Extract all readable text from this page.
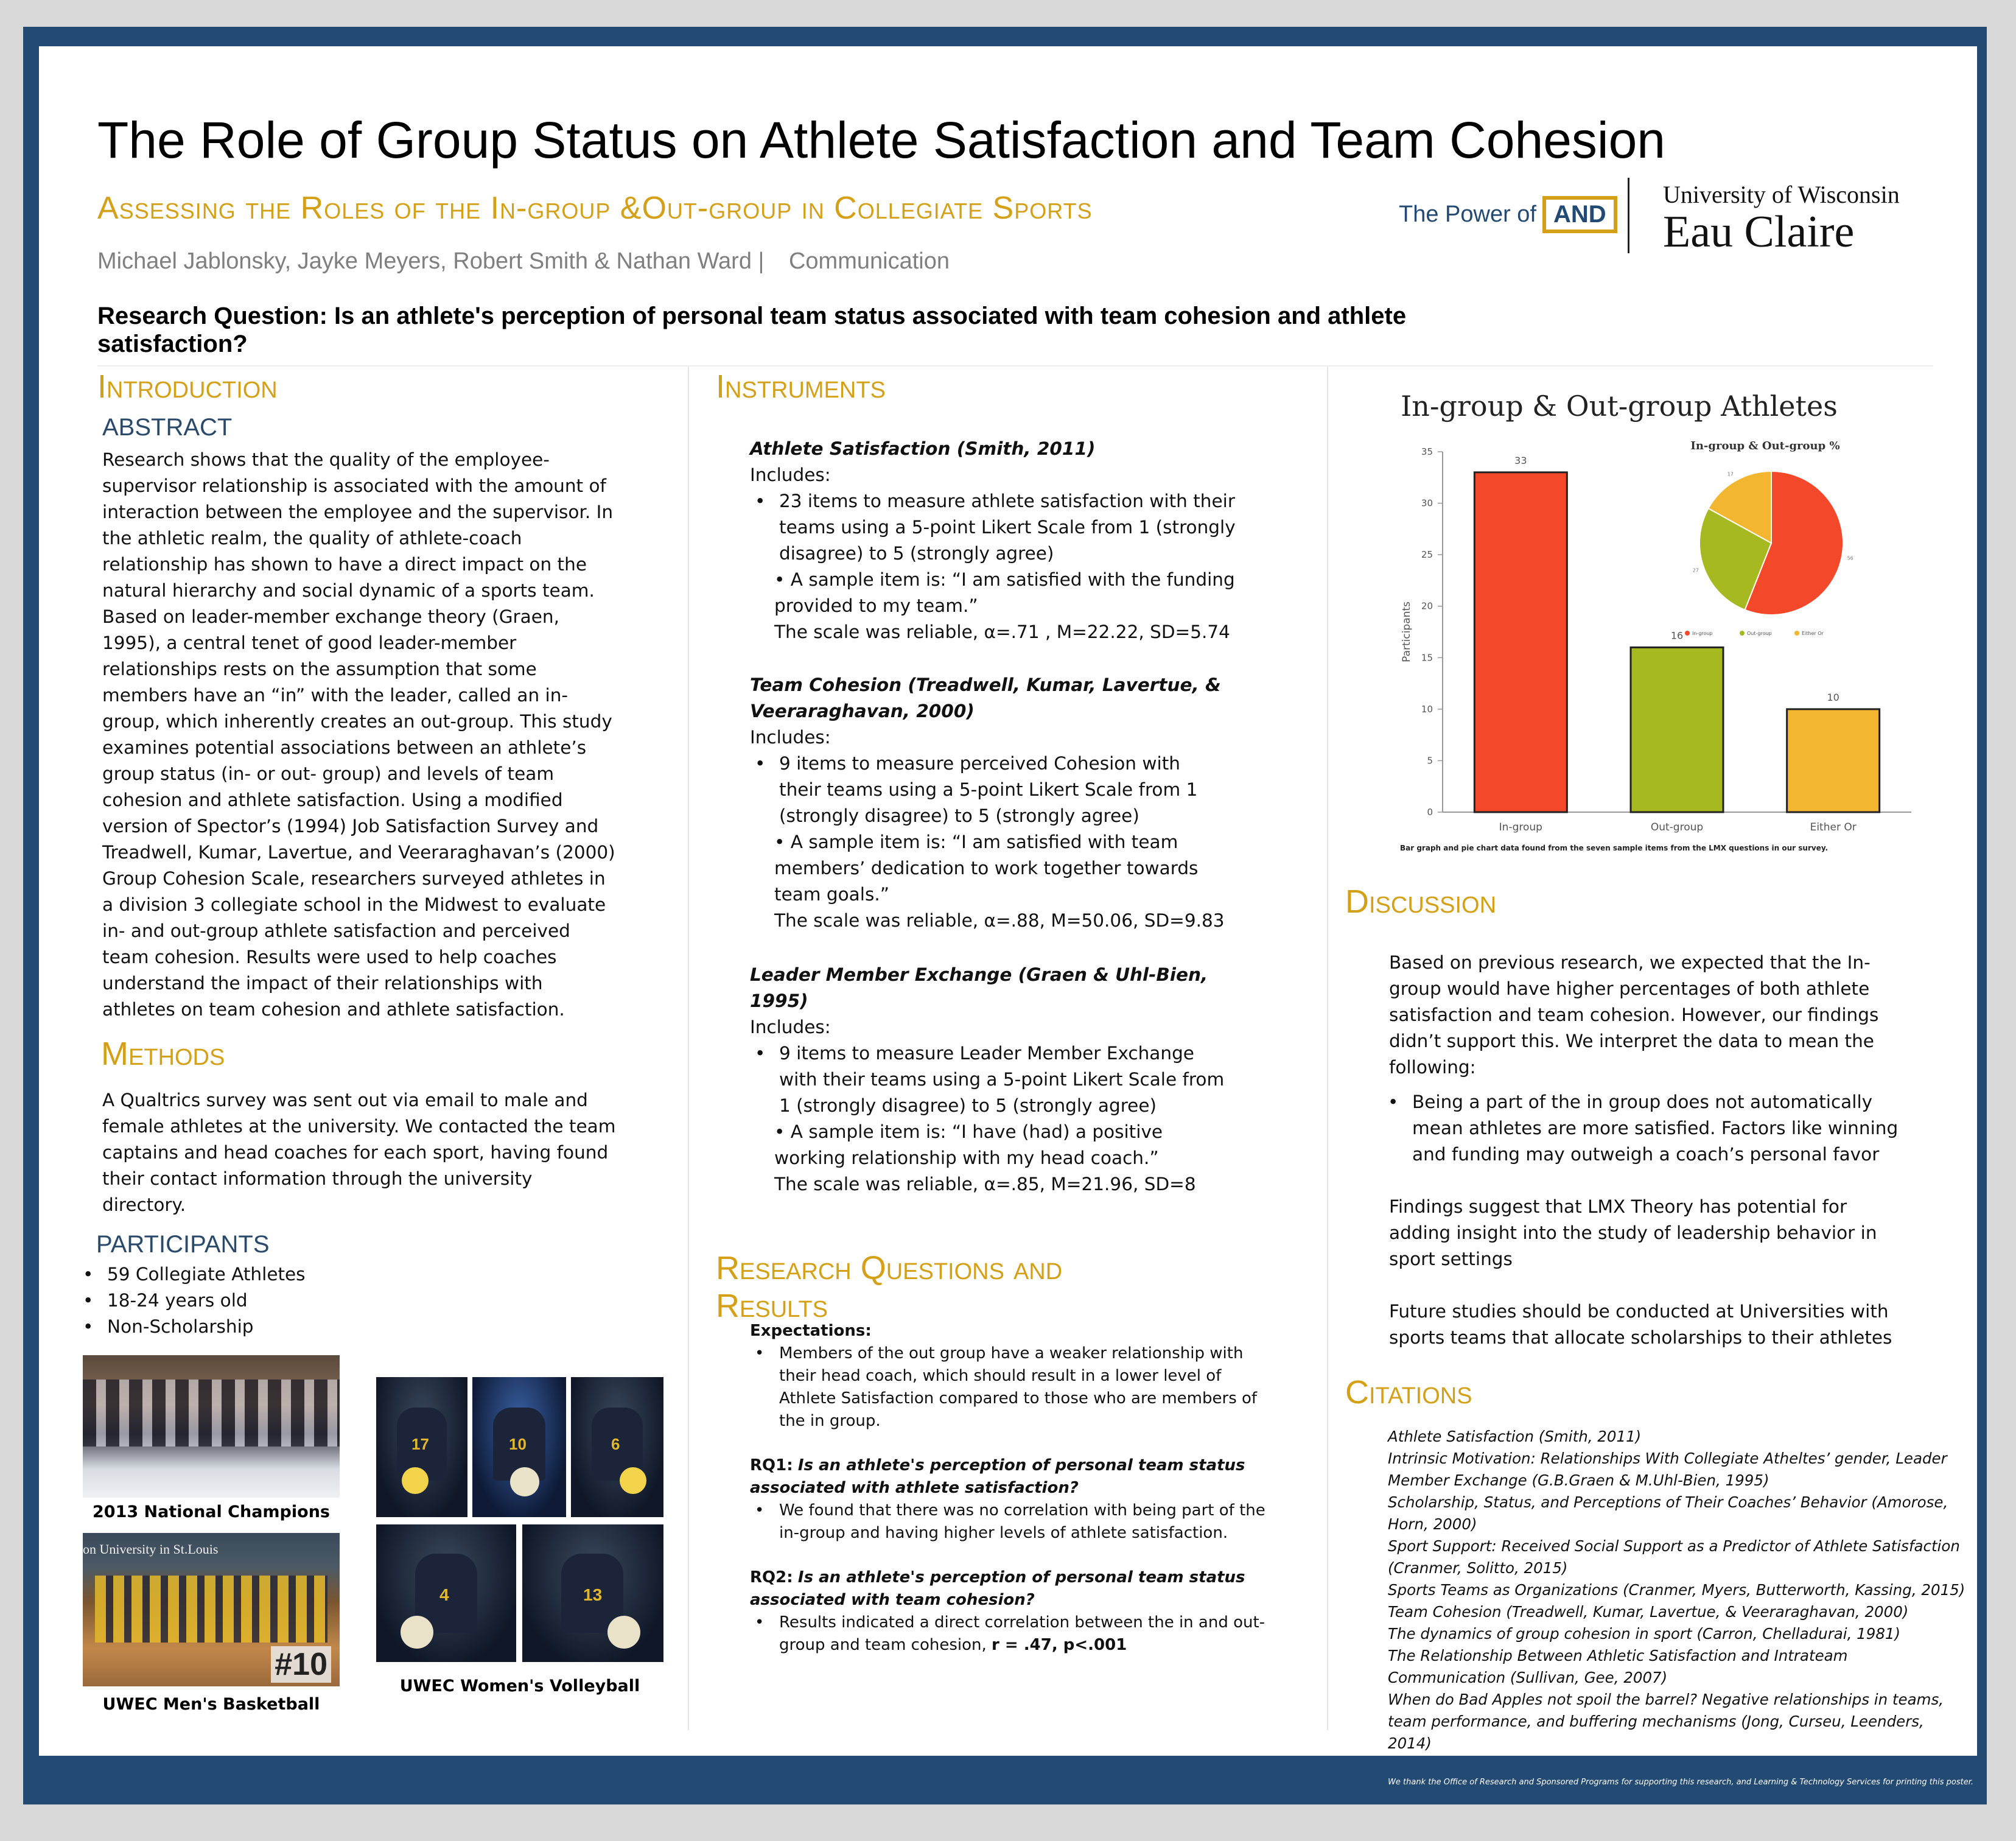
The Role of Group Status on Athlete Satisfaction and Team Cohesion
Assessing the Roles of the In-group &Out-group in Collegiate Sports
Michael Jablonsky, Jayke Meyers, Robert Smith & Nathan Ward | Communication
The Power of AND
University of Wisconsin
Eau Claire
Research Question: Is an athlete's perception of personal team status associated with team cohesion and athlete satisfaction?
Introduction
ABSTRACT
Research shows that the quality of the employee-supervisor relationship is associated with the amount of interaction between the employee and the supervisor. In the athletic realm, the quality of athlete-coach relationship has shown to have a direct impact on the natural hierarchy and social dynamic of a sports team. Based on leader-member exchange theory (Graen, 1995), a central tenet of good leader-member relationships rests on the assumption that some members have an “in” with the leader, called an in-group, which inherently creates an out-group. This study examines potential associations between an athlete’s group status (in- or out- group) and levels of team cohesion and athlete satisfaction. Using a modified version of Spector’s (1994) Job Satisfaction Survey and Treadwell, Kumar, Lavertue, and Veeraraghavan’s (2000) Group Cohesion Scale, researchers surveyed athletes in a division 3 collegiate school in the Midwest to evaluate in- and out-group athlete satisfaction and perceived team cohesion. Results were used to help coaches understand the impact of their relationships with athletes on team cohesion and athlete satisfaction.
Methods
A Qualtrics survey was sent out via email to male and female athletes at the university. We contacted the team captains and head coaches for each sport, having found their contact information through the university directory.
PARTICIPANTS
• 59 Collegiate Athletes
• 18-24 years old
• Non-Scholarship
2013 National Champions
on University in St.Louis
#10
UWEC Men's Basketball
17	10	6
4	13
UWEC Women's Volleyball
Instruments
Athlete Satisfaction (Smith, 2011)
Includes:
• 23 items to measure athlete satisfaction with their teams using a 5-point Likert Scale from 1 (strongly disagree) to 5 (strongly agree)
• A sample item is: “I am satisfied with the funding provided to my team.”
The scale was reliable, α=.71 , M=22.22, SD=5.74
Team Cohesion (Treadwell, Kumar, Lavertue, & Veeraraghavan, 2000)
Includes:
• 9 items to measure perceived Cohesion with their teams using a 5-point Likert Scale from 1 (strongly disagree) to 5 (strongly agree)
• A sample item is: “I am satisfied with team members’ dedication to work together towards team goals.”
The scale was reliable, α=.88, M=50.06, SD=9.83
Leader Member Exchange (Graen & Uhl-Bien, 1995)
Includes:
• 9 items to measure Leader Member Exchange with their teams using a 5-point Likert Scale from 1 (strongly disagree) to 5 (strongly agree)
• A sample item is: “I have (had) a positive working relationship with my head coach.”
The scale was reliable, α=.85, M=21.96, SD=8
Research Questions and
Results
Expectations:
• Members of the out group have a weaker relationship with their head coach, which should result in a lower level of Athlete Satisfaction compared to those who are members of the in group.
RQ1: Is an athlete's perception of personal team status associated with athlete satisfaction?
• We found that there was no correlation with being part of the in-group and having higher levels of athlete satisfaction.
RQ2: Is an athlete's perception of personal team status associated with team cohesion?
• Results indicated a direct correlation between the in and out-group and team cohesion, r = .47, p<.001
In-group & Out-group Athletes
0
5
10
15
20
25
30
35
Participants
33
In-group
16
Out-group
10
Either Or
In-group & Out-group %
56
27
17
In-group	Out-group	Either Or
Bar graph and pie chart data found from the seven sample items from the LMX questions in our survey.
Discussion
Based on previous research, we expected that the In-group would have higher percentages of both athlete satisfaction and team cohesion. However, our findings didn’t support this. We interpret the data to mean the following:
• Being a part of the in group does not automatically mean athletes are more satisfied. Factors like winning and funding may outweigh a coach’s personal favor
Findings suggest that LMX Theory has potential for adding insight into the study of leadership behavior in sport settings
Future studies should be conducted at Universities with sports teams that allocate scholarships to their athletes
Citations
Athlete Satisfaction (Smith, 2011)
Intrinsic Motivation: Relationships With Collegiate Atheltes’ gender, Leader Member Exchange (G.B.Graen & M.Uhl-Bien, 1995)
Scholarship, Status, and Perceptions of Their Coaches’ Behavior (Amorose, Horn, 2000)
Sport Support: Received Social Support as a Predictor of Athlete Satisfaction (Cranmer, Solitto, 2015)
Sports Teams as Organizations (Cranmer, Myers, Butterworth, Kassing, 2015)
Team Cohesion (Treadwell, Kumar, Lavertue, & Veeraraghavan, 2000)
The dynamics of group cohesion in sport (Carron, Chelladurai, 1981)
The Relationship Between Athletic Satisfaction and Intrateam Communication (Sullivan, Gee, 2007)
When do Bad Apples not spoil the barrel? Negative relationships in teams, team performance, and buffering mechanisms (Jong, Curseu, Leenders, 2014)
We thank the Office of Research and Sponsored Programs for supporting this research, and Learning & Technology Services for printing this poster.
